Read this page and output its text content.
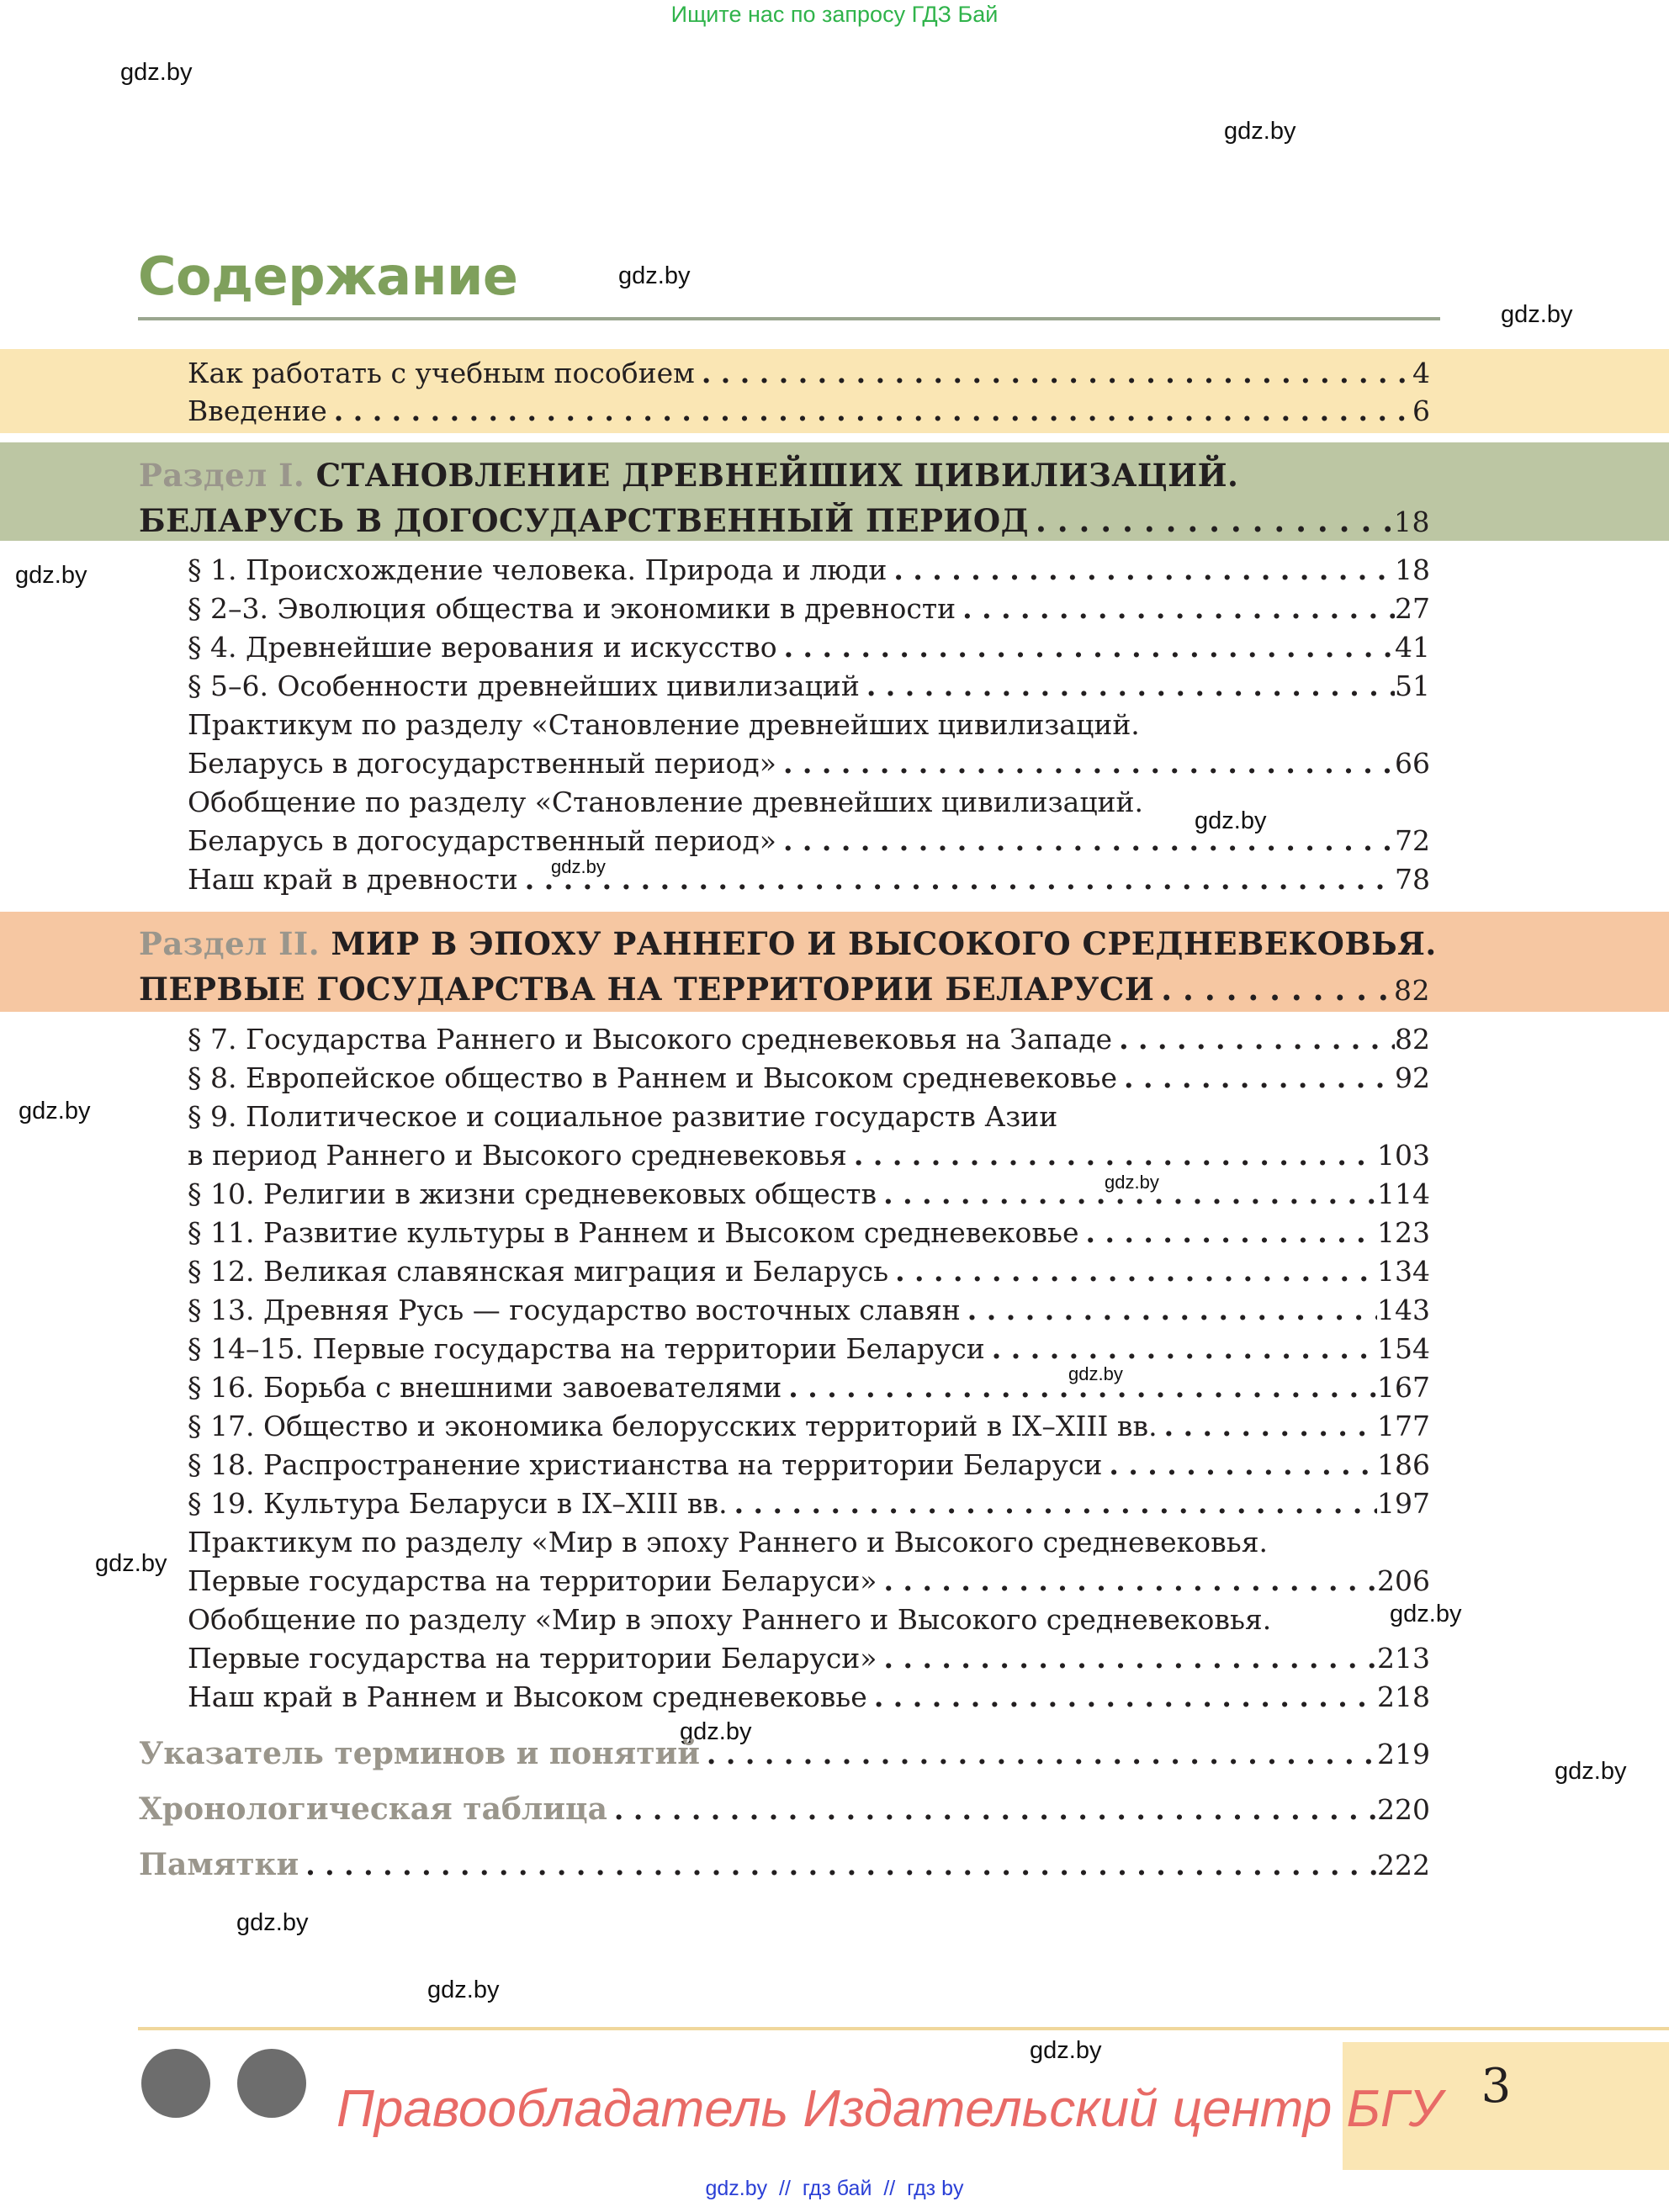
Ищите нас по запросу ГДЗ Бай
gdz.by
gdz.by
gdz.by
gdz.by
gdz.by
gdz.by
gdz.by
gdz.by
gdz.by
gdz.by
gdz.by
gdz.by
gdz.by
gdz.by
gdz.by
gdz.by
gdz.by
Содержание
Как работать с учебным пособием . . .	4
Введение . . .	6
Раздел I. СТАНОВЛЕНИЕ ДРЕВНЕЙШИХ ЦИВИЛИЗАЦИЙ.
БЕЛАРУСЬ В ДОГОСУДАРСТВЕННЫЙ ПЕРИОД . . .	18
§ 1. Происхождение человека. Природа и люди . . .	18
§ 2–3. Эволюция общества и экономики в древности . . .	27
§ 4. Древнейшие верования и искусство . . .	41
§ 5–6. Особенности древнейших цивилизаций . . .	51
Практикум по разделу «Становление древнейших цивилизаций.
Беларусь в догосударственный период» . . .	66
Обобщение по разделу «Становление древнейших цивилизаций.
Беларусь в догосударственный период» . . .	72
Наш край в древности . . .	78
Раздел II. МИР В ЭПОХУ РАННЕГО И ВЫСОКОГО СРЕДНЕВЕКОВЬЯ.
ПЕРВЫЕ ГОСУДАРСТВА НА ТЕРРИТОРИИ БЕЛАРУСИ . . .	82
§ 7. Государства Раннего и Высокого средневековья на Западе . . .	82
§ 8. Европейское общество в Раннем и Высоком средневековье . . .	92
§ 9. Политическое и социальное развитие государств Азии
в период Раннего и Высокого средневековья . . .	103
§ 10. Религии в жизни средневековых обществ . . .	114
§ 11. Развитие культуры в Раннем и Высоком средневековье . . .	123
§ 12. Великая славянская миграция и Беларусь . . .	134
§ 13. Древняя Русь — государство восточных славян . . .	143
§ 14–15. Первые государства на территории Беларуси . . .	154
§ 16. Борьба с внешними завоевателями . . .	167
§ 17. Общество и экономика белорусских территорий в IX–XIII вв. . . .	177
§ 18. Распространение христианства на территории Беларуси . . .	186
§ 19. Культура Беларуси в IX–XIII вв. . . .	197
Практикум по разделу «Мир в эпоху Раннего и Высокого средневековья.
Первые государства на территории Беларуси» . . .	206
Обобщение по разделу «Мир в эпоху Раннего и Высокого средневековья.
Первые государства на территории Беларуси» . . .	213
Наш край в Раннем и Высоком средневековье . . .	218
Указатель терминов и понятий . . .	219
Хронологическая таблица . . .	220
Памятки . . .	222
3
Правообладатель Издательский центр БГУ
gdz.by  //  гдз бай  //  гдз by
